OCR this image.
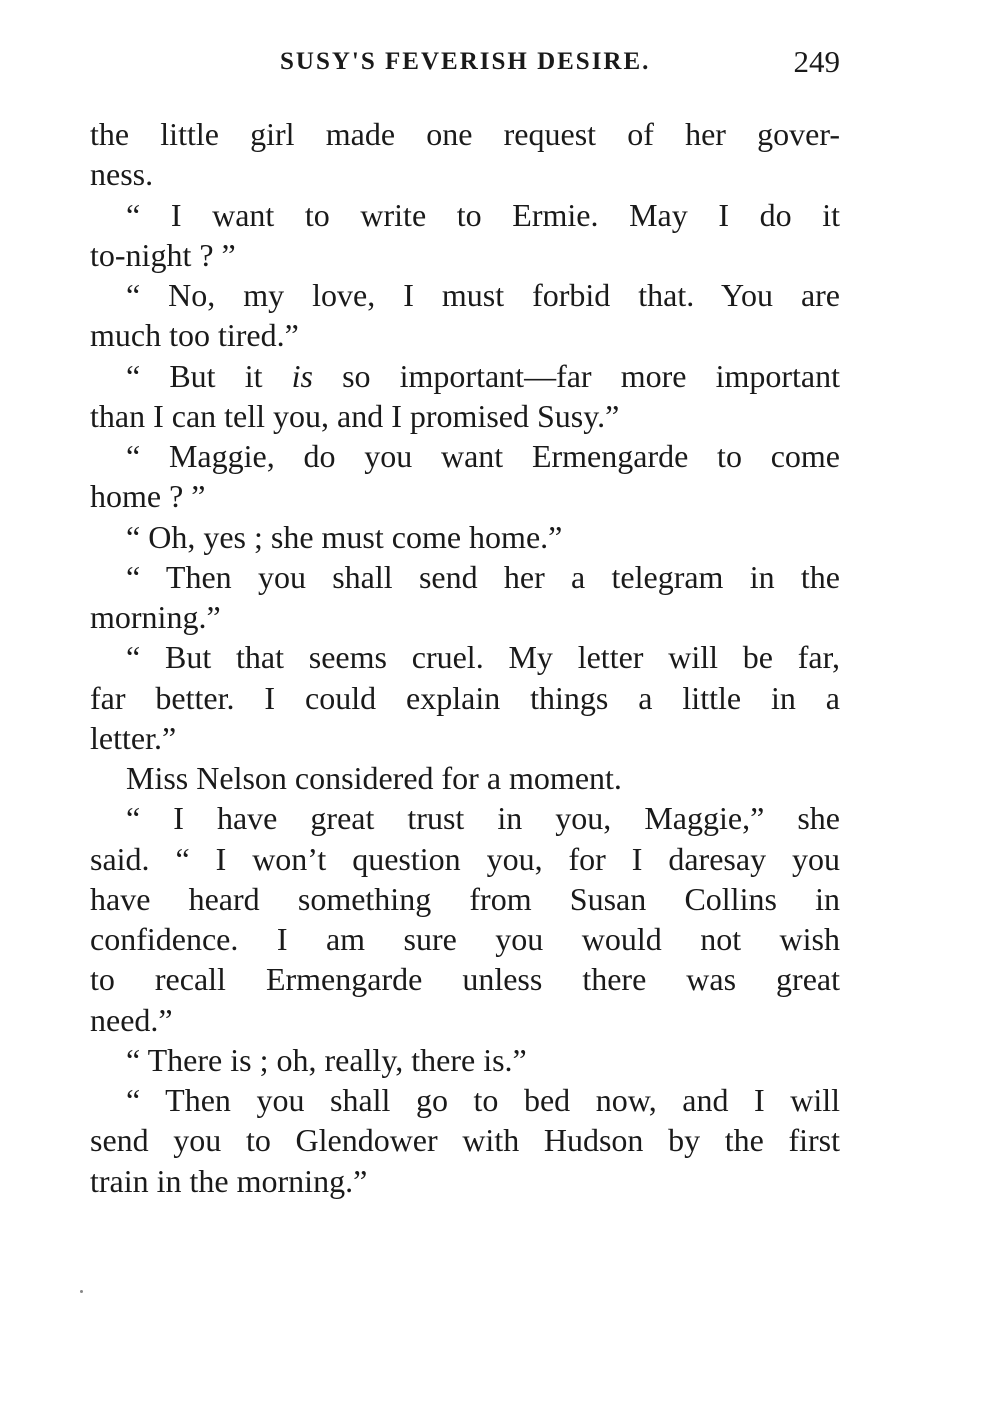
SUSY'S FEVERISH DESIRE.	249
the little girl made one request of her gover-
ness.
“ I want to write to Ermie. May I do it
to-night ? ”
“ No, my love, I must forbid that. You are
much too tired.”
“ But it is so important—far more important
than I can tell you, and I promised Susy.”
“ Maggie, do you want Ermengarde to come
home ? ”
“ Oh, yes ; she must come home.”
“ Then you shall send her a telegram in the
morning.”
“ But that seems cruel. My letter will be far,
far better. I could explain things a little in a
letter.”
Miss Nelson considered for a moment.
“ I have great trust in you, Maggie,” she
said. “ I won’t question you, for I daresay you
have heard something from Susan Collins in
confidence. I am sure you would not wish
to recall Ermengarde unless there was great
need.”
“ There is ; oh, really, there is.”
“ Then you shall go to bed now, and I will
send you to Glendower with Hudson by the first
train in the morning.”
